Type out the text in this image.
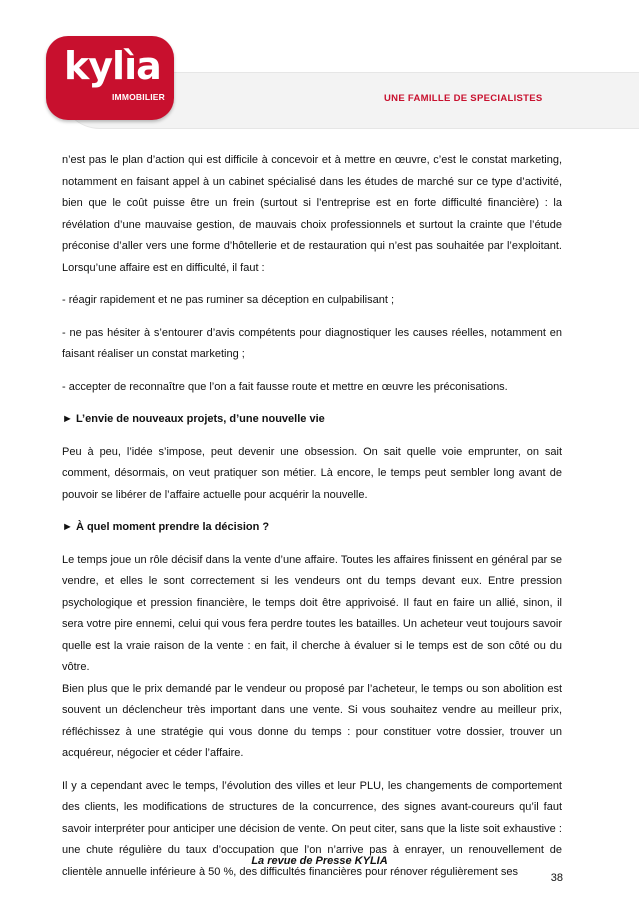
UNE FAMILLE DE SPECIALISTES
kylìa
IMMOBILIER

n’est pas le plan d’action qui est difficile à concevoir et à mettre en œuvre, c’est le constat marketing, notamment en faisant appel à un cabinet spécialisé dans les études de marché sur ce type d’activité, bien que le coût puisse être un frein (surtout si l’entreprise est en forte difficulté financière) : la révélation d’une mauvaise gestion, de mauvais choix professionnels et surtout la crainte que l’étude préconise d’aller vers une forme d’hôtellerie et de restauration qui n’est pas souhaitée par l’exploitant. Lorsqu’une affaire est en difficulté, il faut :

- réagir rapidement et ne pas ruminer sa déception en culpabilisant ;

- ne pas hésiter à s’entourer d’avis compétents pour diagnostiquer les causes réelles, notamment en faisant réaliser un constat marketing ;

- accepter de reconnaître que l’on a fait fausse route et mettre en œuvre les préconisations.

► L’envie de nouveaux projets, d’une nouvelle vie

Peu à peu, l’idée s’impose, peut devenir une obsession. On sait quelle voie emprunter, on sait comment, désormais, on veut pratiquer son métier. Là encore, le temps peut sembler long avant de pouvoir se libérer de l’affaire actuelle pour acquérir la nouvelle.

► À quel moment prendre la décision ?

Le temps joue un rôle décisif dans la vente d’une affaire. Toutes les affaires finissent en général par se vendre, et elles le sont correctement si les vendeurs ont du temps devant eux. Entre pression psychologique et pression financière, le temps doit être apprivoisé. Il faut en faire un allié, sinon, il sera votre pire ennemi, celui qui vous fera perdre toutes les batailles. Un acheteur veut toujours savoir quelle est la vraie raison de la vente : en fait, il cherche à évaluer si le temps est de son côté ou du vôtre.

Bien plus que le prix demandé par le vendeur ou proposé par l’acheteur, le temps ou son abolition est souvent un déclencheur très important dans une vente. Si vous souhaitez vendre au meilleur prix, réfléchissez à une stratégie qui vous donne du temps : pour constituer votre dossier, trouver un acquéreur, négocier et céder l’affaire.

Il y a cependant avec le temps, l’évolution des villes et leur PLU, les changements de comportement des clients, les modifications de structures de la concurrence, des signes avant-coureurs qu’il faut savoir interpréter pour anticiper une décision de vente. On peut citer, sans que la liste soit exhaustive : une chute régulière du taux d’occupation que l’on n’arrive pas à enrayer, un renouvellement de clientèle annuelle inférieure à 50 %, des difficultés financières pour rénover régulièrement ses

La revue de Presse KYLIA
38
